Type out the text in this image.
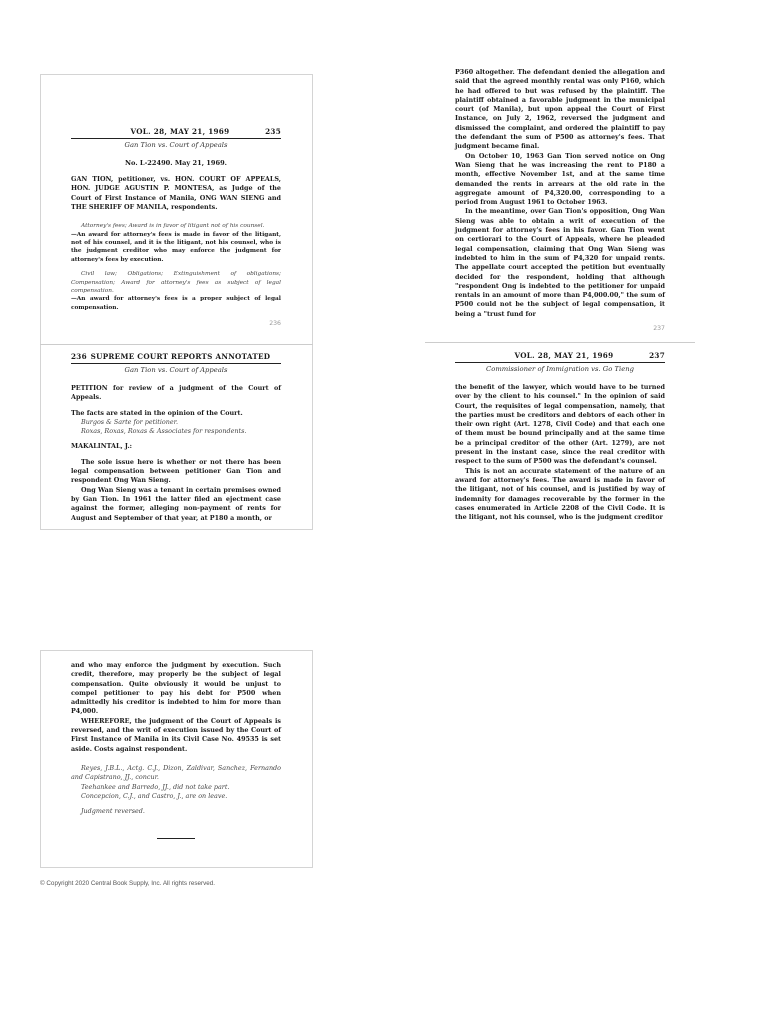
VOL. 28, MAY 21, 1969	235
Gan Tion vs. Court of Appeals
No. L-22490. May 21, 1969.

GAN TION, petitioner, vs. HON. COURT OF APPEALS, HON. JUDGE AGUSTIN P. MONTESA, as Judge of the Court of First Instance of Manila, ONG WAN SIENG and THE SHERIFF OF MANILA, respondents.

Attorney's fees; Award is in favor of litigant not of his counsel.

—An award for attorney's fees is made in favor of the litigant, not of his counsel, and it is the litigant, not his counsel, who is the judgment creditor who may enforce the judgment for attorney's fees by execution.

Civil law; Obligations; Extinguishment of obligations; Compensation; Award for attorney's fees as subject of legal compensation.

—An award for attorney's fees is a proper subject of legal compensation.

236
236 SUPREME COURT REPORTS ANNOTATED
Gan Tion vs. Court of Appeals

PETITION for review of a judgment of the Court of Appeals.

The facts are stated in the opinion of the Court.

Burgos & Sarte for petitioner.

Roxas, Roxas, Roxas & Associates for respondents.

MAKALINTAL, J.:

The sole issue here is whether or not there has been legal compensation between petitioner Gan Tion and respondent Ong Wan Sieng.

Ong Wan Sieng was a tenant in certain premises owned by Gan Tion. In 1961 the latter filed an ejectment case against the former, alleging non-payment of rents for August and September of that year, at P180 a month, or

P360 altogether. The defendant denied the allegation and said that the agreed monthly rental was only P160, which he had offered to but was refused by the plaintiff. The plaintiff obtained a favorable judgment in the municipal court (of Manila), but upon appeal the Court of First Instance, on July 2, 1962, reversed the judgment and dismissed the complaint, and ordered the plaintiff to pay the defendant the sum of P500 as attorney's fees. That judgment became final.

On October 10, 1963 Gan Tion served notice on Ong Wan Sieng that he was increasing the rent to P180 a month, effective November 1st, and at the same time demanded the rents in arrears at the old rate in the aggregate amount of P4,320.00, corresponding to a period from August 1961 to October 1963.

In the meantime, over Gan Tion's opposition, Ong Wan Sieng was able to obtain a writ of execution of the judgment for attorney's fees in his favor. Gan Tion went on certiorari to the Court of Appeals, where he pleaded legal compensation, claiming that Ong Wan Sieng was indebted to him in the sum of P4,320 for unpaid rents. The appellate court accepted the petition but eventually decided for the respondent, holding that although "respondent Ong is indebted to the petitioner for unpaid rentals in an amount of more than P4,000.00," the sum of P500 could not be the subject of legal compensation, it being a "trust fund for

237
VOL. 28, MAY 21, 1969	237
Commissioner of Immigration vs. Go Tieng

the benefit of the lawyer, which would have to be turned over by the client to his counsel." In the opinion of said Court, the requisites of legal compensation, namely, that the parties must be creditors and debtors of each other in their own right (Art. 1278, Civil Code) and that each one of them must be bound principally and at the same time be a principal creditor of the other (Art. 1279), are not present in the instant case, since the real creditor with respect to the sum of P500 was the defendant's counsel.

This is not an accurate statement of the nature of an award for attorney's fees. The award is made in favor of the litigant, not of his counsel, and is justified by way of indemnity for damages recoverable by the former in the cases enumerated in Article 2208 of the Civil Code. It is the litigant, not his counsel, who is the judgment creditor

and who may enforce the judgment by execution. Such credit, therefore, may properly be the subject of legal compensation. Quite obviously it would be unjust to compel petitioner to pay his debt for P500 when admittedly his creditor is indebted to him for more than P4,000.

WHEREFORE, the judgment of the Court of Appeals is reversed, and the writ of execution issued by the Court of First Instance of Manila in its Civil Case No. 49535 is set aside. Costs against respondent.

Reyes, J.B.L., Actg. C.J., Dizon, Zaldivar, Sanchez, Fernando and Capistrano, JJ., concur.

Teehankee and Barredo, JJ., did not take part.

Concepcion, C.J., and Castro, J., are on leave.

Judgment reversed.

© Copyright 2020 Central Book Supply, Inc. All rights reserved.
